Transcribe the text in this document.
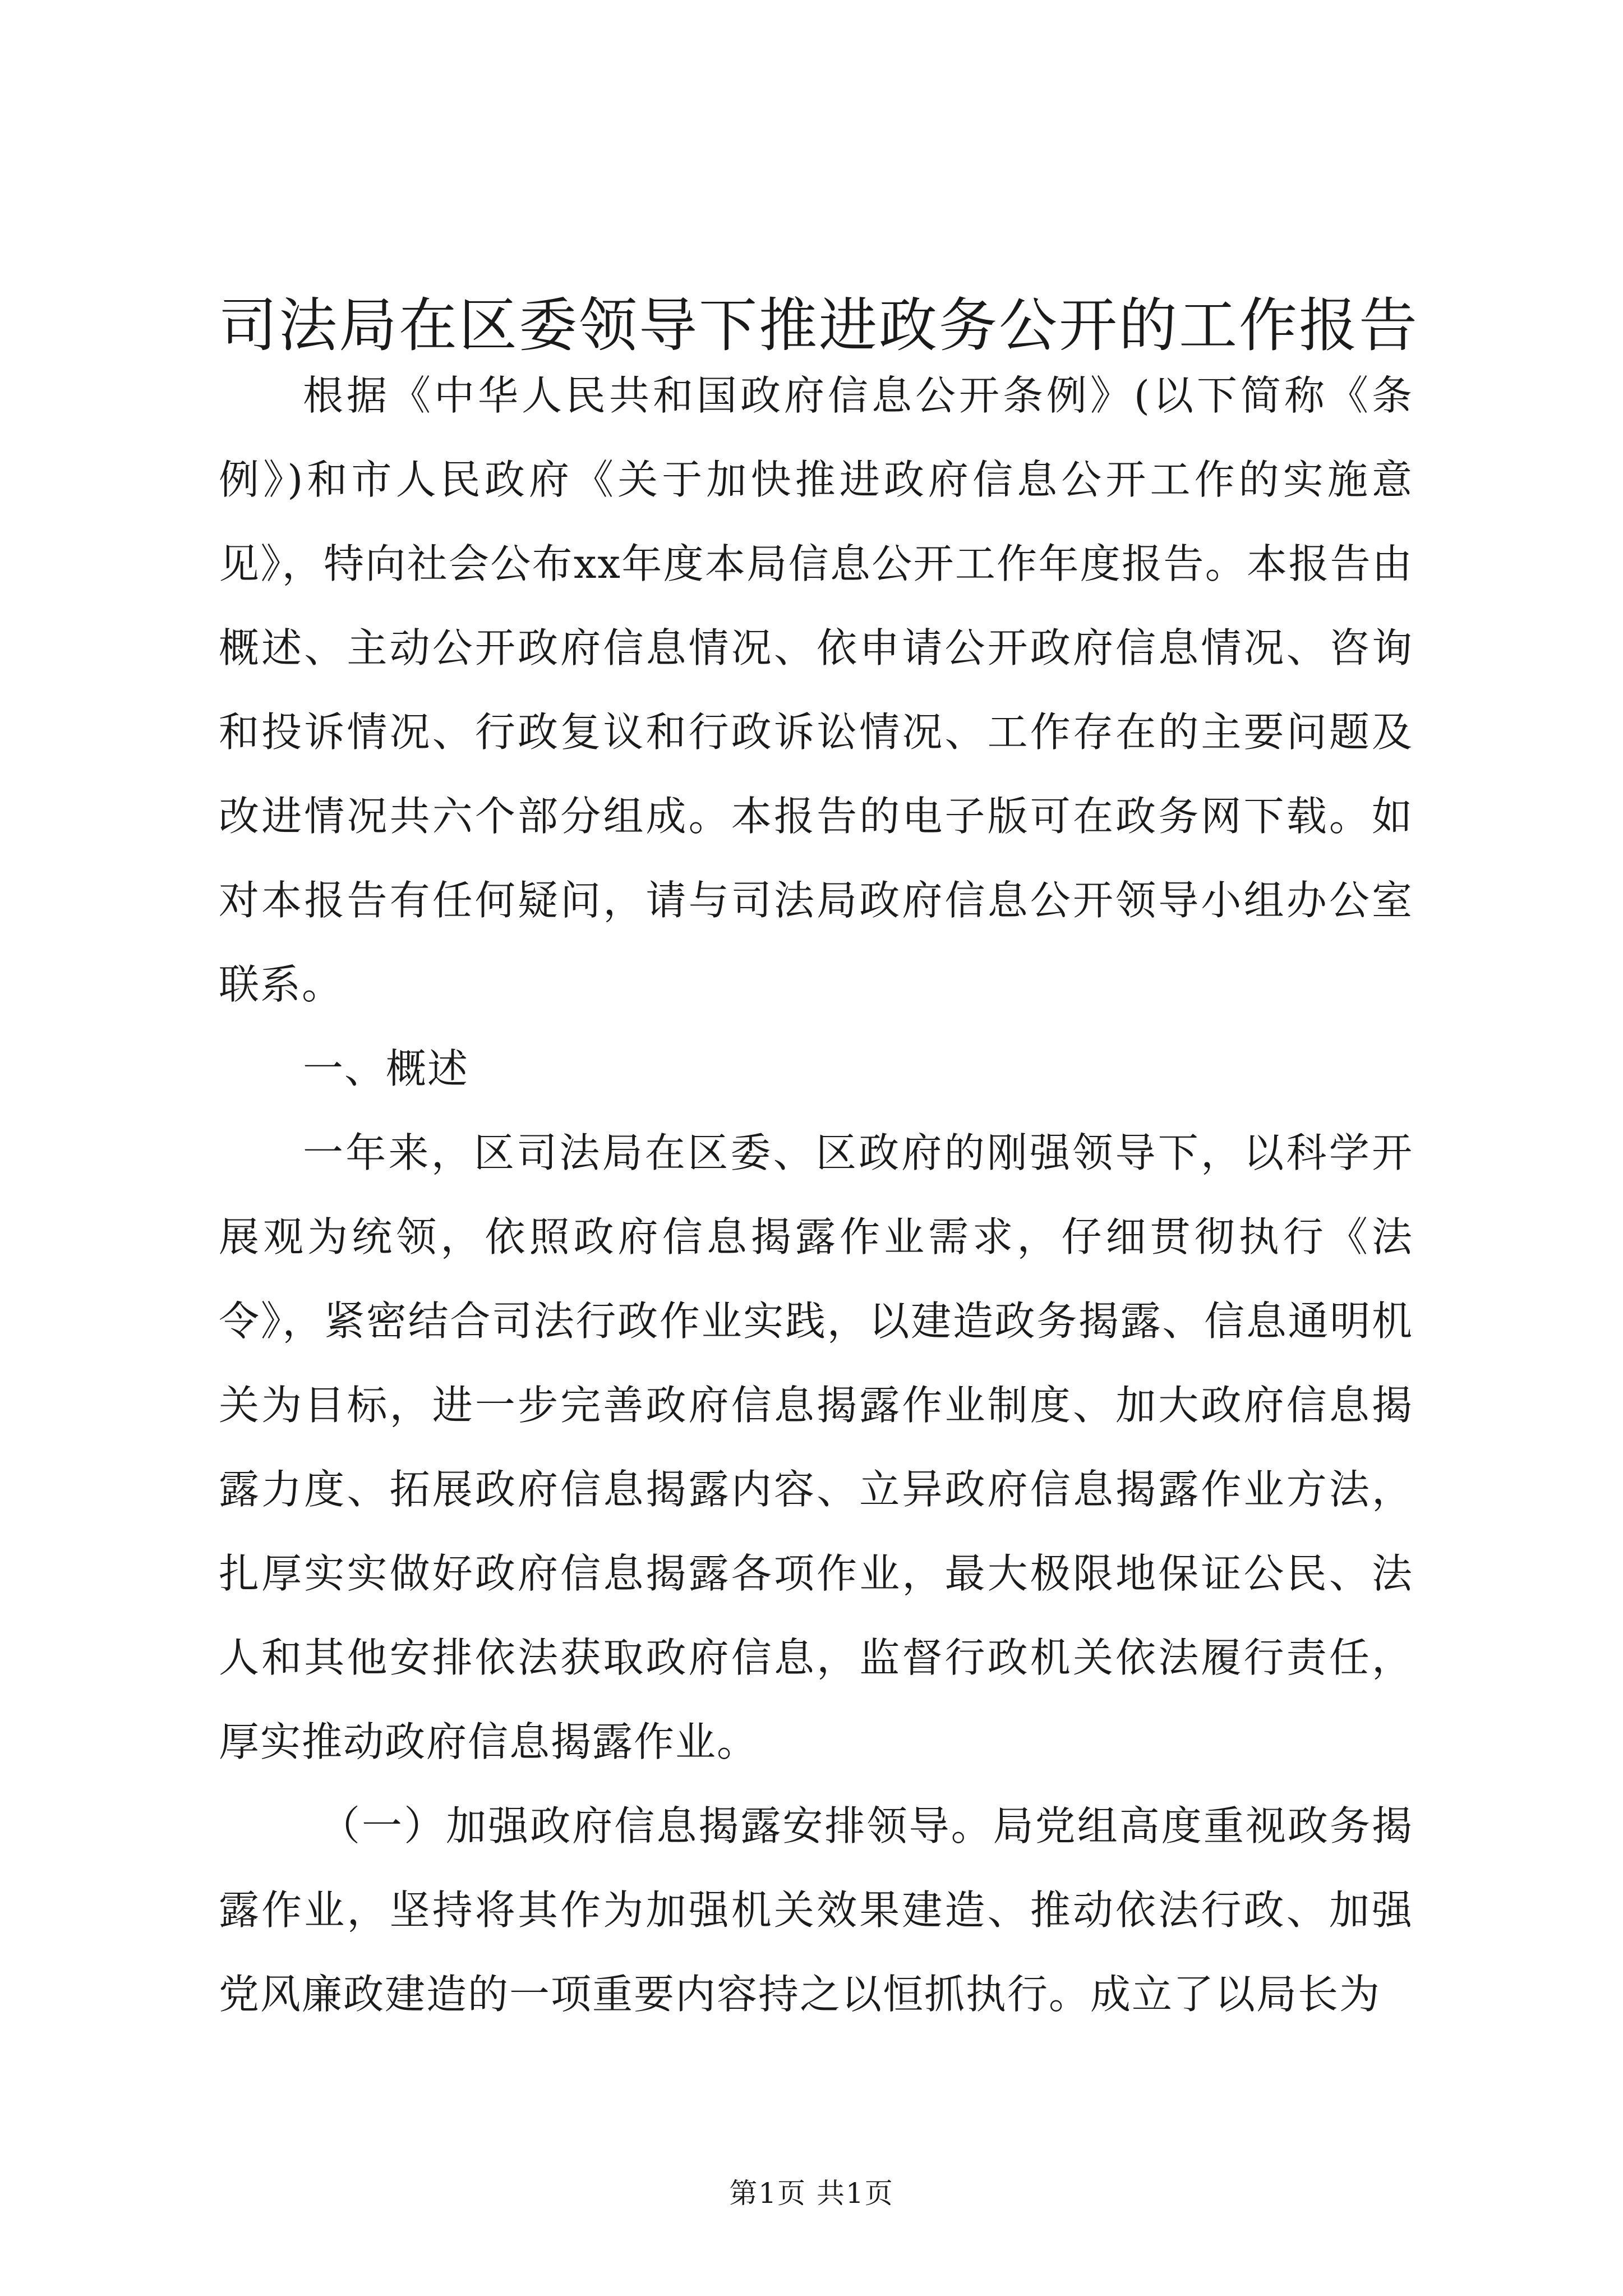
司法局在区委领导下推进政务公开的工作报告

根据《中华人民共和国政府信息公开条例》(以下简称《条例》)和市人民政府《关于加快推进政府信息公开工作的实施意见》，特向社会公布xx年度本局信息公开工作年度报告。本报告由概述、主动公开政府信息情况、依申请公开政府信息情况、咨询和投诉情况、行政复议和行政诉讼情况、工作存在的主要问题及改进情况共六个部分组成。本报告的电子版可在政务网下载。如对本报告有任何疑问，请与司法局政府信息公开领导小组办公室联系。

一、概述

一年来，区司法局在区委、区政府的刚强领导下，以科学开展观为统领，依照政府信息揭露作业需求，仔细贯彻执行《法令》，紧密结合司法行政作业实践，以建造政务揭露、信息通明机关为目标，进一步完善政府信息揭露作业制度、加大政府信息揭露力度、拓展政府信息揭露内容、立异政府信息揭露作业方法，扎厚实实做好政府信息揭露各项作业，最大极限地保证公民、法人和其他安排依法获取政府信息，监督行政机关依法履行责任，厚实推动政府信息揭露作业。

（一）加强政府信息揭露安排领导。局党组高度重视政务揭露作业，坚持将其作为加强机关效果建造、推动依法行政、加强党风廉政建造的一项重要内容持之以恒抓执行。成立了以局长为

第1页 共1页
